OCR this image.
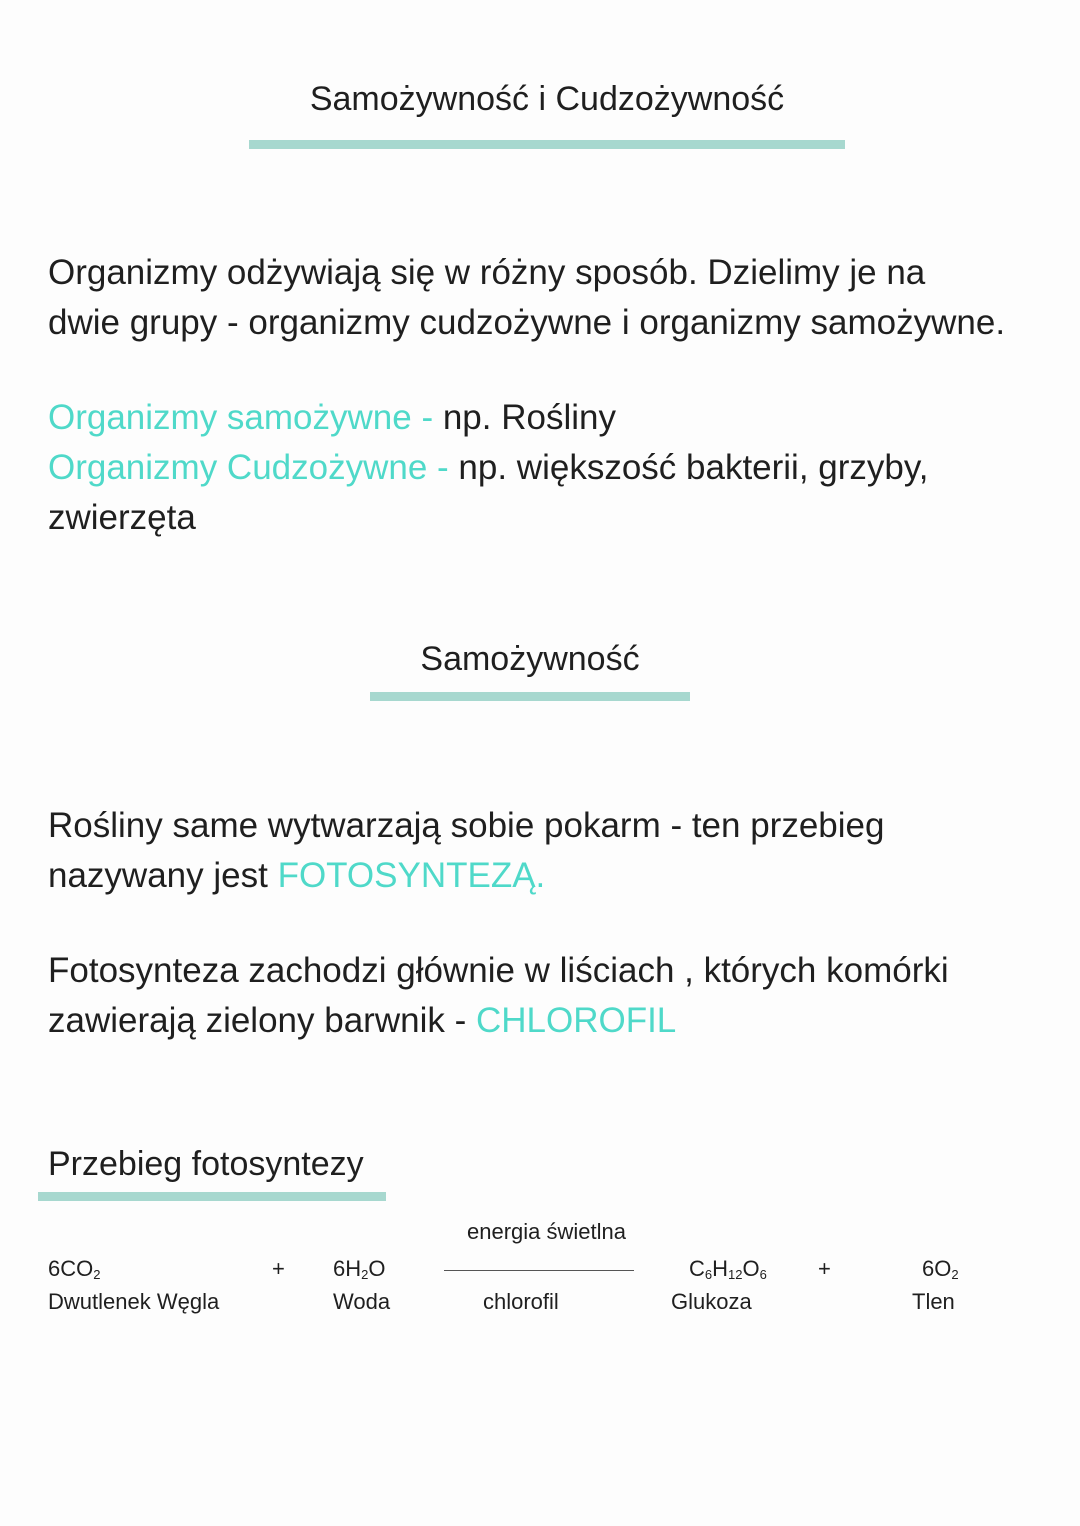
Samożywność i Cudzożywność
Organizmy odżywiają się w różny sposób. Dzielimy je na
dwie grupy - organizmy cudzożywne i organizmy samożywne.
Organizmy samożywne - np. Rośliny
Organizmy Cudzożywne - np. większość bakterii, grzyby,
zwierzęta
Samożywność
Rośliny same wytwarzają sobie pokarm - ten przebieg
nazywany jest FOTOSYNTEZĄ.
Fotosynteza zachodzi głównie w liściach , których komórki
zawierają zielony barwnik - CHLOROFIL
Przebieg fotosyntezy
$6CO_2$
Dwutlenek Węgla
+ $6H_2O$
Woda
energia świetlna
chlorofil
$C_6H_{12}O_6$
Glukoza
+	$6O_2$
Tlen
